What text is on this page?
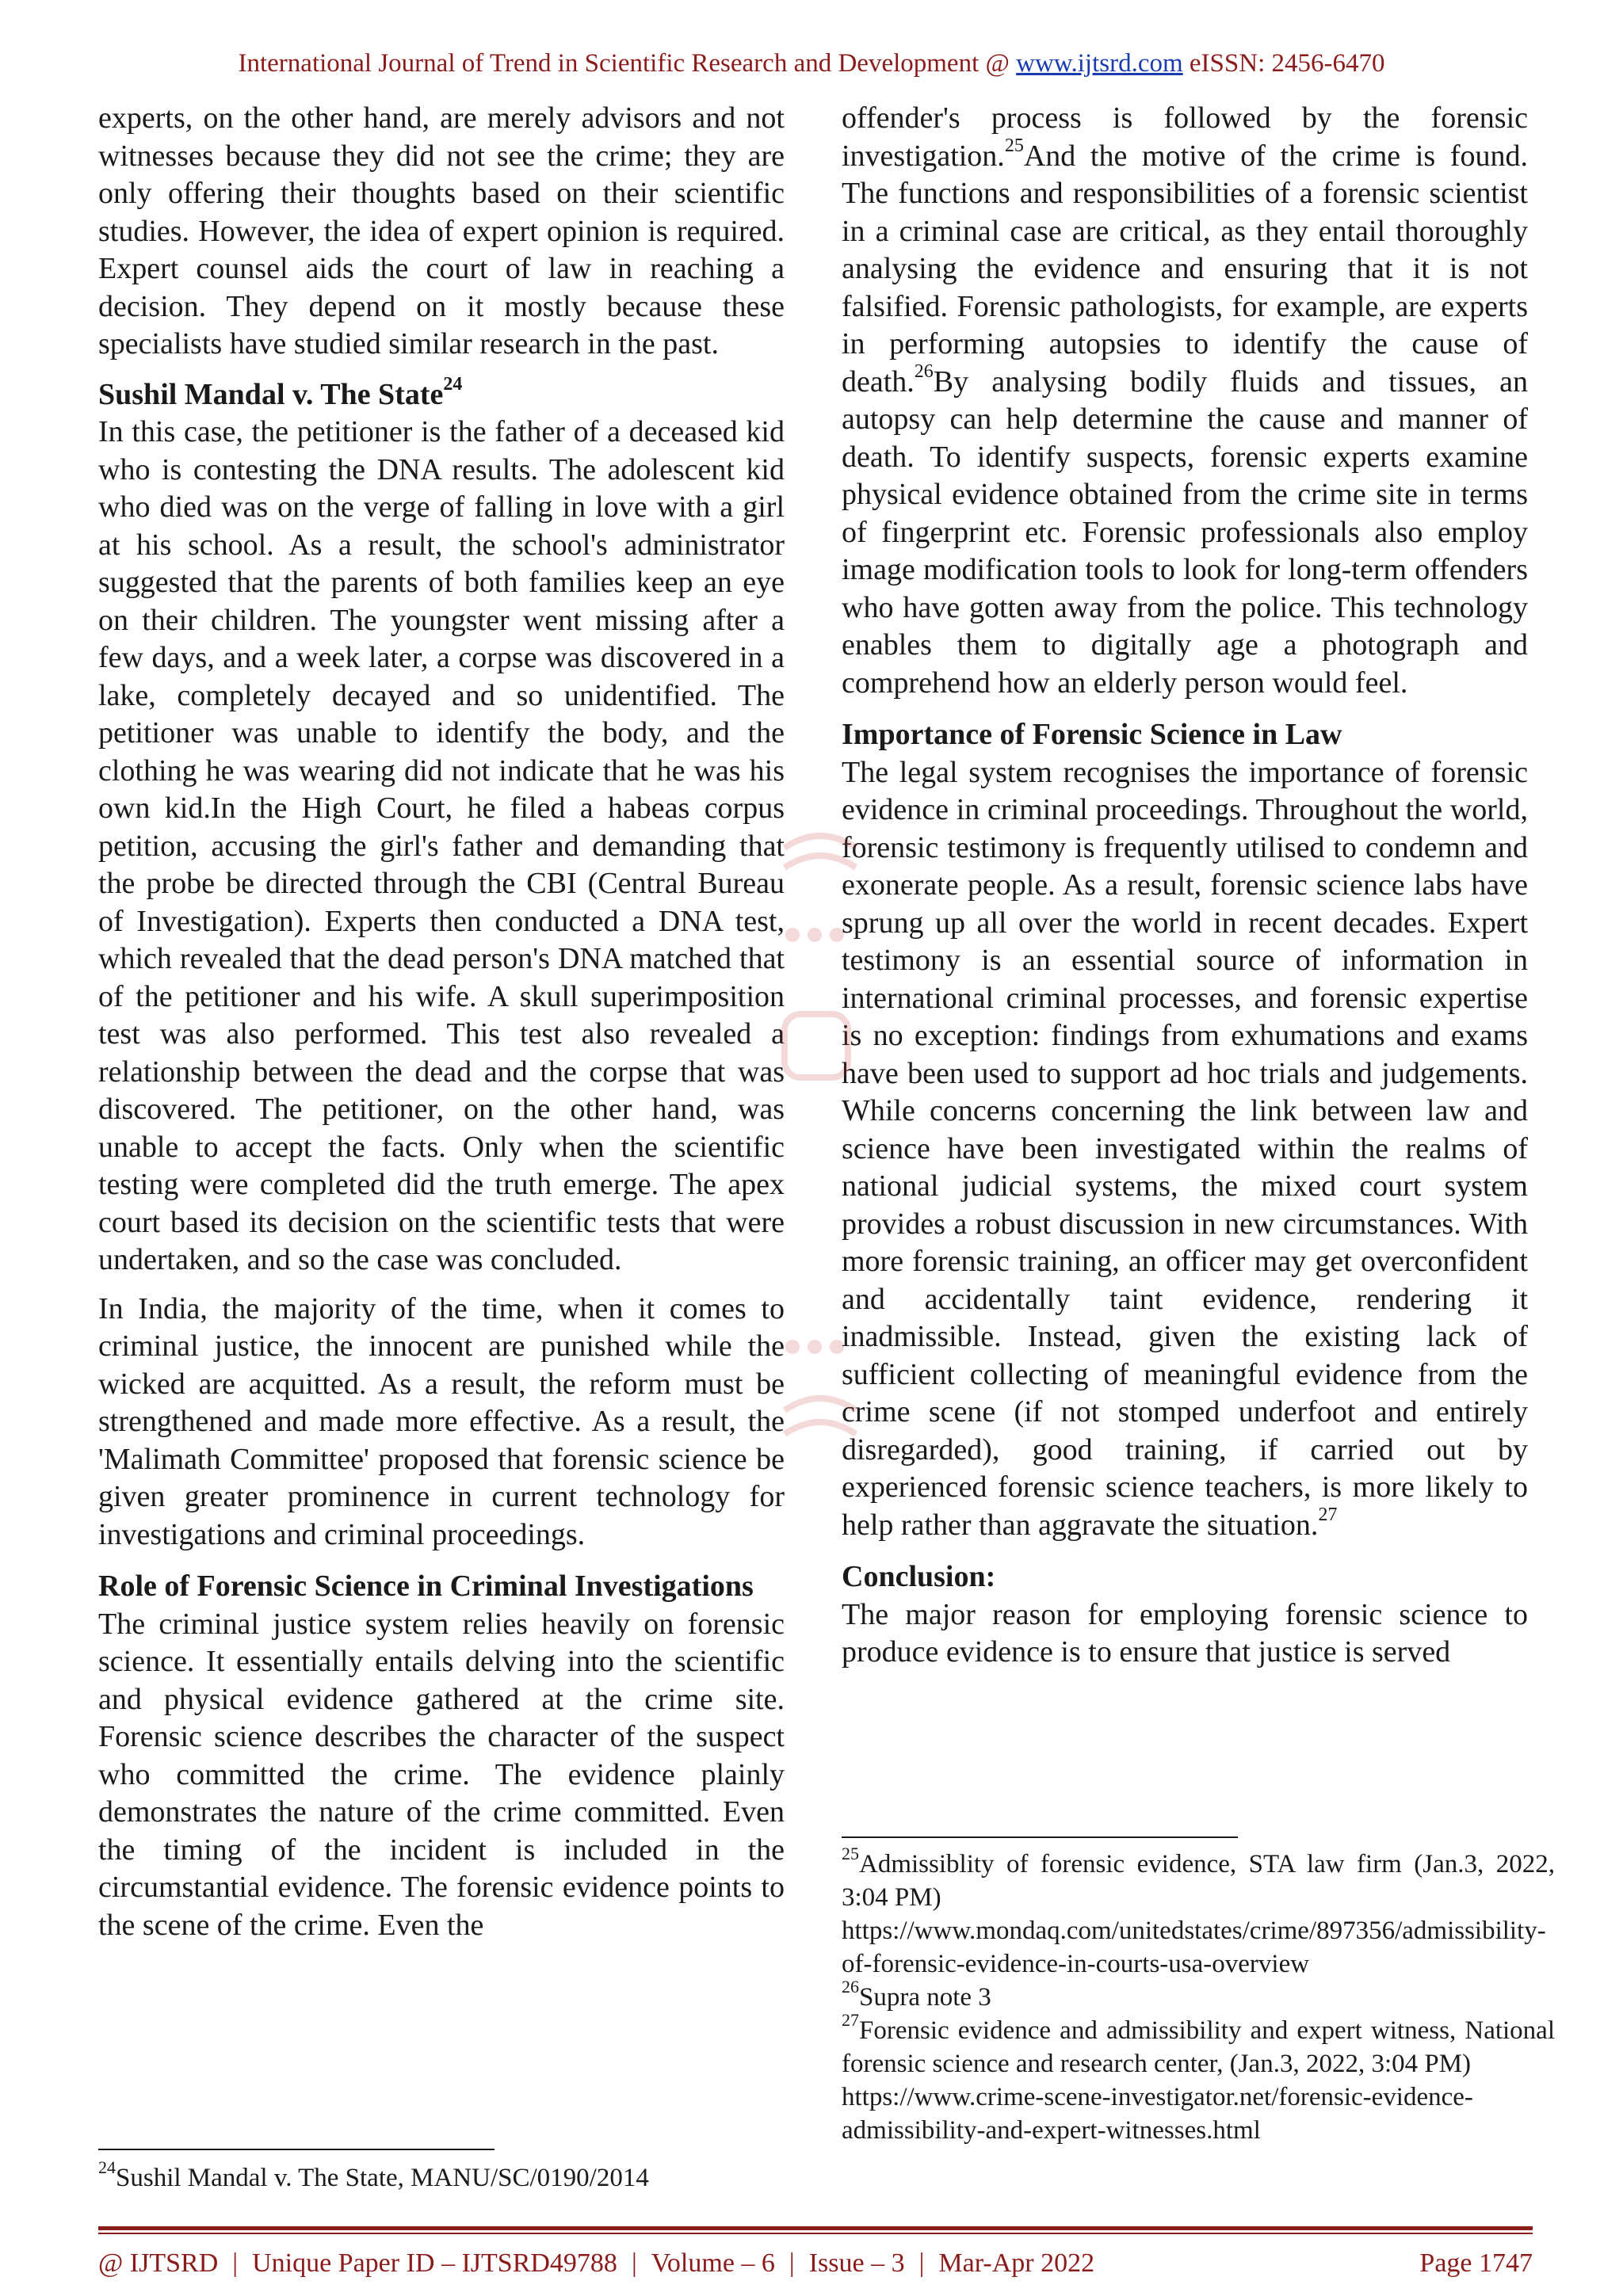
International Journal of Trend in Scientific Research and Development @ www.ijtsrd.com eISSN: 2456-6470

experts, on the other hand, are merely advisors and not witnesses because they did not see the crime; they are only offering their thoughts based on their scientific studies. However, the idea of expert opinion is required. Expert counsel aids the court of law in reaching a decision. They depend on it mostly because these specialists have studied similar research in the past.

Sushil Mandal v. The State$^{24}$

In this case, the petitioner is the father of a deceased kid who is contesting the DNA results. The adolescent kid who died was on the verge of falling in love with a girl at his school. As a result, the school's administrator suggested that the parents of both families keep an eye on their children. The youngster went missing after a few days, and a week later, a corpse was discovered in a lake, completely decayed and so unidentified. The petitioner was unable to identify the body, and the clothing he was wearing did not indicate that he was his own kid.In the High Court, he filed a habeas corpus petition, accusing the girl's father and demanding that the probe be directed through the CBI (Central Bureau of Investigation). Experts then conducted a DNA test, which revealed that the dead person's DNA matched that of the petitioner and his wife. A skull superimposition test was also performed. This test also revealed a relationship between the dead and the corpse that was discovered. The petitioner, on the other hand, was unable to accept the facts. Only when the scientific testing were completed did the truth emerge. The apex court based its decision on the scientific tests that were undertaken, and so the case was concluded.

In India, the majority of the time, when it comes to criminal justice, the innocent are punished while the wicked are acquitted. As a result, the reform must be strengthened and made more effective. As a result, the 'Malimath Committee' proposed that forensic science be given greater prominence in current technology for investigations and criminal proceedings.

Role of Forensic Science in Criminal Investigations

The criminal justice system relies heavily on forensic science. It essentially entails delving into the scientific and physical evidence gathered at the crime site. Forensic science describes the character of the suspect who committed the crime. The evidence plainly demonstrates the nature of the crime committed. Even the timing of the incident is included in the circumstantial evidence. The forensic evidence points to the scene of the crime. Even the

offender's process is followed by the forensic investigation.$^{25}$And the motive of the crime is found. The functions and responsibilities of a forensic scientist in a criminal case are critical, as they entail thoroughly analysing the evidence and ensuring that it is not falsified. Forensic pathologists, for example, are experts in performing autopsies to identify the cause of death.$^{26}$By analysing bodily fluids and tissues, an autopsy can help determine the cause and manner of death. To identify suspects, forensic experts examine physical evidence obtained from the crime site in terms of fingerprint etc. Forensic professionals also employ image modification tools to look for long-term offenders who have gotten away from the police. This technology enables them to digitally age a photograph and comprehend how an elderly person would feel.

Importance of Forensic Science in Law

The legal system recognises the importance of forensic evidence in criminal proceedings. Throughout the world, forensic testimony is frequently utilised to condemn and exonerate people. As a result, forensic science labs have sprung up all over the world in recent decades. Expert testimony is an essential source of information in international criminal processes, and forensic expertise is no exception: findings from exhumations and exams have been used to support ad hoc trials and judgements. While concerns concerning the link between law and science have been investigated within the realms of national judicial systems, the mixed court system provides a robust discussion in new circumstances. With more forensic training, an officer may get overconfident and accidentally taint evidence, rendering it inadmissible. Instead, given the existing lack of sufficient collecting of meaningful evidence from the crime scene (if not stomped underfoot and entirely disregarded), good training, if carried out by experienced forensic science teachers, is more likely to help rather than aggravate the situation.$^{27}$

Conclusion:

The major reason for employing forensic science to produce evidence is to ensure that justice is served

$^{24}$Sushil Mandal v. The State, MANU/SC/0190/2014

$^{25}$Admissiblity of forensic evidence, STA law firm (Jan.3, 2022, 3:04 PM)

https://www.mondaq.com/unitedstates/crime/897356/admissibility-of-forensic-evidence-in-courts-usa-overview

$^{26}$Supra note 3

$^{27}$Forensic evidence and admissibility and expert witness, National forensic science and research center, (Jan.3, 2022, 3:04 PM)

https://www.crime-scene-investigator.net/forensic-evidence-admissibility-and-expert-witnesses.html

@ IJTSRD | Unique Paper ID – IJTSRD49788 | Volume – 6 | Issue – 3 | Mar-Apr 2022	Page 1747
